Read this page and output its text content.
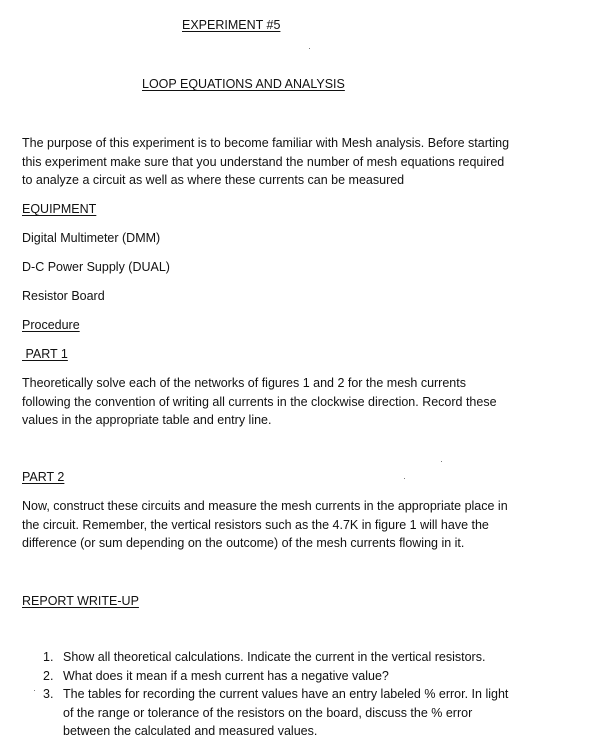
EXPERIMENT #5
LOOP EQUATIONS AND ANALYSIS
The purpose of this experiment is to become familiar with Mesh analysis. Before starting
this experiment make sure that you understand the number of mesh equations required
to analyze a circuit as well as where these currents can be measured
EQUIPMENT
Digital Multimeter (DMM)
D-C Power Supply (DUAL)
Resistor Board
Procedure
PART 1
Theoretically solve each of the networks of figures 1 and 2 for the mesh currents
following the convention of writing all currents in the clockwise direction. Record these
values in the appropriate table and entry line.
PART 2
Now, construct these circuits and measure the mesh currents in the appropriate place in
the circuit. Remember, the vertical resistors such as the 4.7K in figure 1 will have the
difference (or sum depending on the outcome) of the mesh currents flowing in it.
REPORT WRITE-UP
1. Show all theoretical calculations. Indicate the current in the vertical resistors.
2. What does it mean if a mesh current has a negative value?
3. The tables for recording the current values have an entry labeled % error. In light
of the range or tolerance of the resistors on the board, discuss the % error
between the calculated and measured values.
